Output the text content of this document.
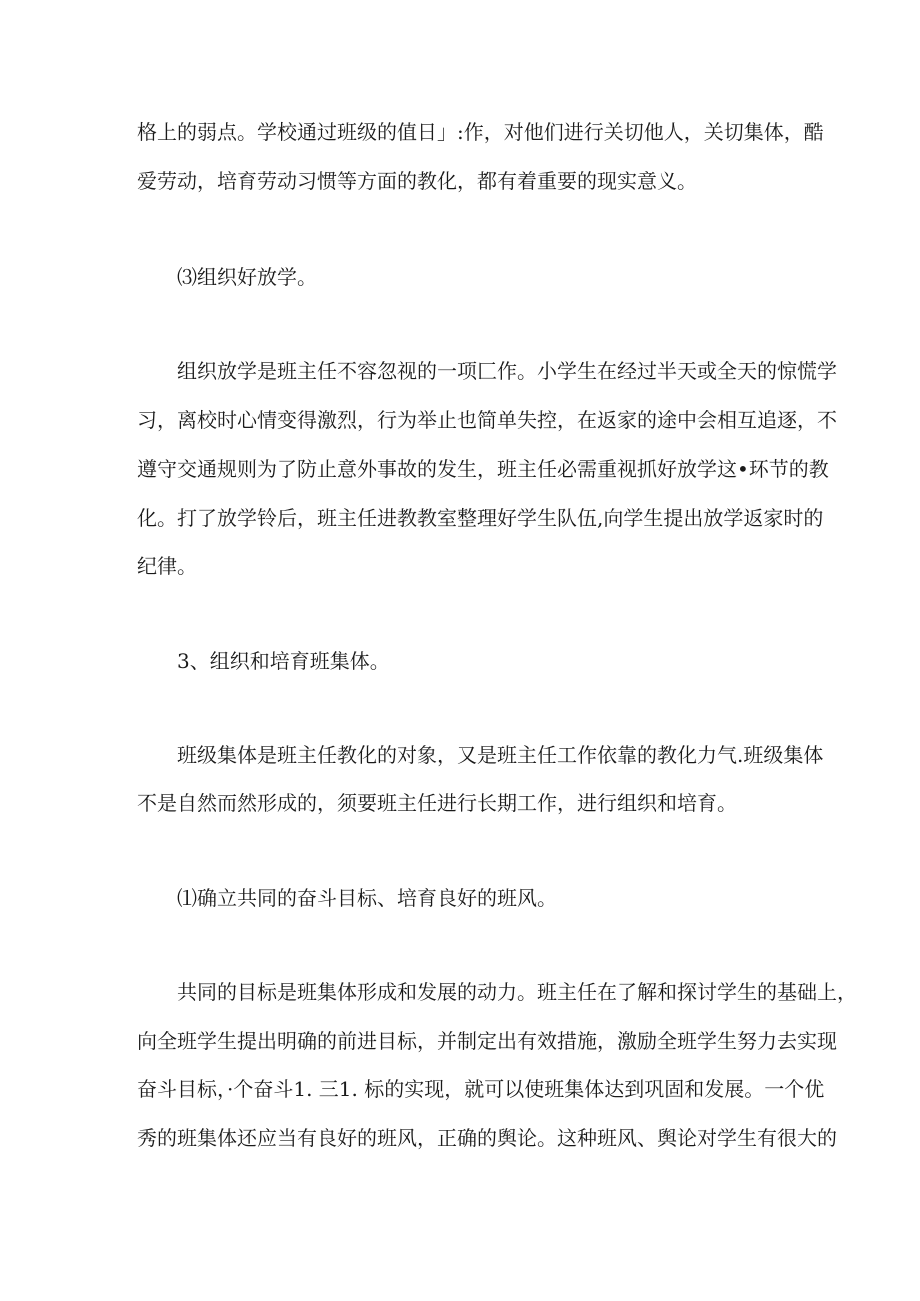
格上的弱点。学校通过班级的值日」:作，对他们进行关切他人，关切集体，酷

爱劳动，培育劳动习惯等方面的教化，都有着重要的现实意义。

⑶组织好放学。

组织放学是班主任不容忽视的一项匚作。小学生在经过半天或全天的惊慌学

习，离校时心情变得激烈，行为举止也简单失控，在返家的途中会相互追逐，不

遵守交通规则为了防止意外事故的发生，班主任必需重视抓好放学这•环节的教

化。打了放学铃后，班主任进教教室整理好学生队伍,向学生提出放学返家时的

纪律。

3、组织和培育班集体。

班级集体是班主任教化的对象，又是班主任工作依靠的教化力气.班级集体

不是自然而然形成的，须要班主任进行长期工作，进行组织和培育。

⑴确立共同的奋斗目标、培育良好的班风。

共同的目标是班集体形成和发展的动力。班主任在了解和探讨学生的基础上，

向全班学生提出明确的前进目标，并制定出有效措施，激励全班学生努力去实现

奋斗目标，·个奋斗1. 三1. 标的实现，就可以使班集体达到巩固和发展。一个优

秀的班集体还应当有良好的班风，正确的舆论。这种班风、舆论对学生有很大的
